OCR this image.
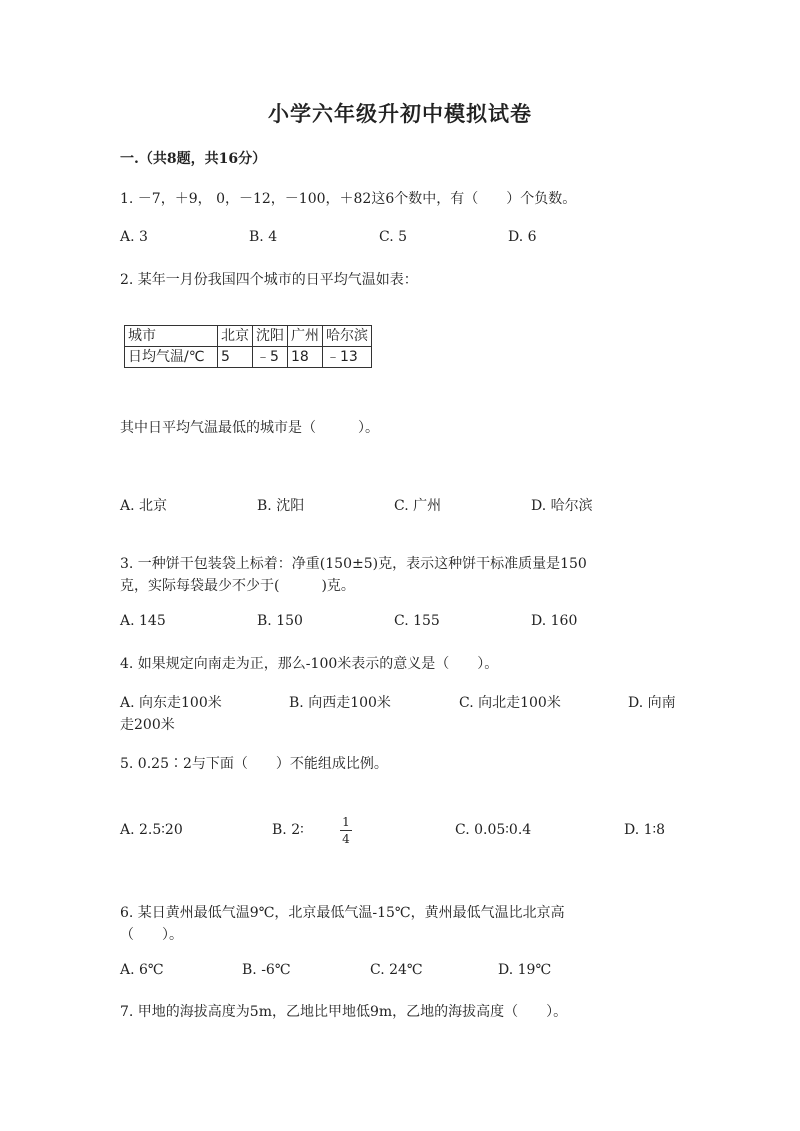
小学六年级升初中模拟试卷
一.（共8题，共16分）
1. －7，＋9， 0，－12，－100，＋82这6个数中，有（　　）个负数。
A. 3	B. 4	C. 5	D. 6
2. 某年一月份我国四个城市的日平均气温如表：
城市	北京	沈阳	广州	哈尔滨
日均气温/℃	5	﹣5	18	﹣13
其中日平均气温最低的城市是（　　　）。
A. 北京	B. 沈阳	C. 广州	D. 哈尔滨
3. 一种饼干包装袋上标着：净重(150±5)克，表示这种饼干标准质量是150
克，实际每袋最少不少于(　　　)克。
A. 145	B. 150	C. 155	D. 160
4. 如果规定向南走为正，那么-100米表示的意义是（　　）。
A. 向东走100米	B. 向西走100米	C. 向北走100米	D. 向南
走200米
5. 0.25∶2与下面（　　）不能组成比例。
A. 2.5∶20	B. 2∶	1
4
C. 0.05∶0.4	D. 1∶8
6. 某日黄州最低气温9℃，北京最低气温-15℃，黄州最低气温比北京高
（　　）。
A. 6℃	B. -6℃	C. 24℃	D. 19℃
7. 甲地的海拔高度为5m，乙地比甲地低9m，乙地的海拔高度（　　）。
